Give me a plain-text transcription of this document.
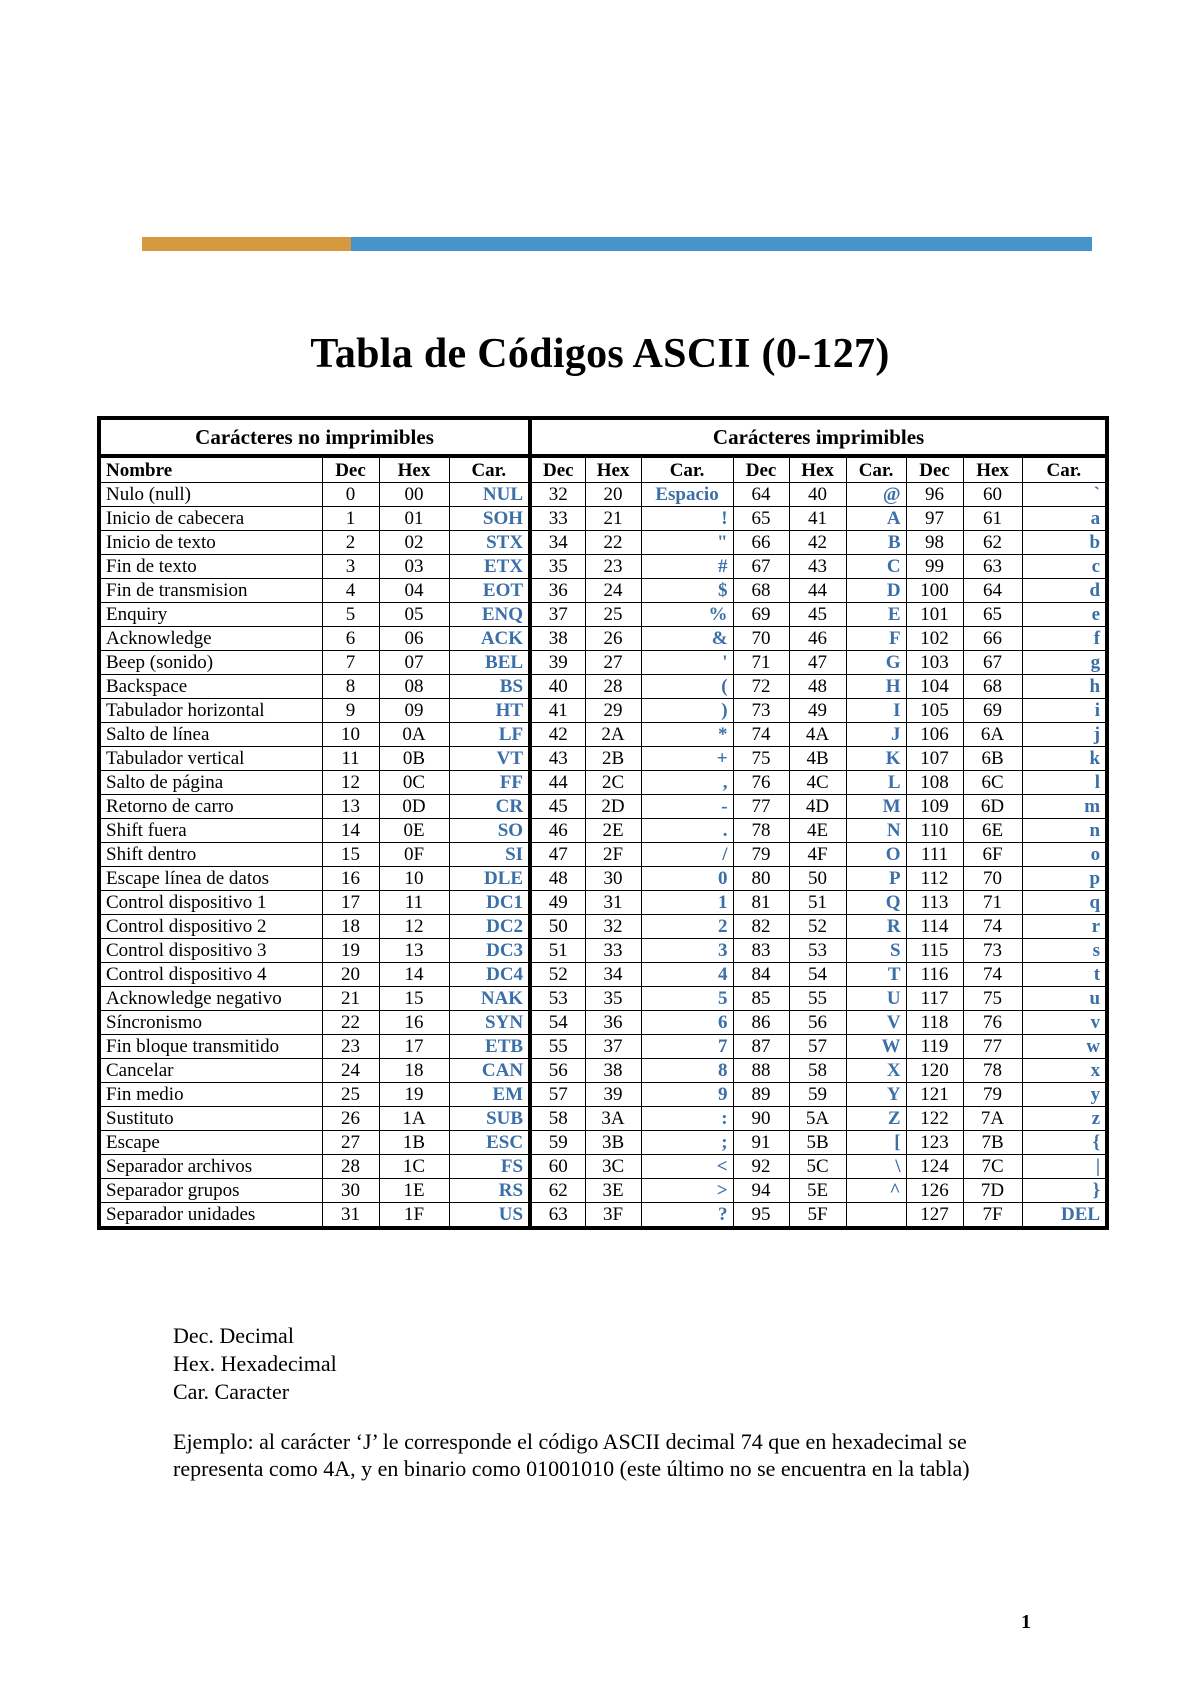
Tabla de Códigos ASCII (0-127)
Carácteres no imprimibles				Carácteres imprimibles								
Nombre	Dec	Hex	Car.	Dec	Hex	Car.	Dec	Hex	Car.	Dec	Hex	Car.
Nulo (null)	0	00	NUL	32	20	Espacio	64	40	@	96	60	`
Inicio de cabecera	1	01	SOH	33	21	!	65	41	A	97	61	a
Inicio de texto	2	02	STX	34	22	"	66	42	B	98	62	b
Fin de texto	3	03	ETX	35	23	#	67	43	C	99	63	c
Fin de transmision	4	04	EOT	36	24	$	68	44	D	100	64	d
Enquiry	5	05	ENQ	37	25	%	69	45	E	101	65	e
Acknowledge	6	06	ACK	38	26	&	70	46	F	102	66	f
Beep (sonido)	7	07	BEL	39	27	'	71	47	G	103	67	g
Backspace	8	08	BS	40	28	(	72	48	H	104	68	h
Tabulador horizontal	9	09	HT	41	29	)	73	49	I	105	69	i
Salto de línea	10	0A	LF	42	2A	*	74	4A	J	106	6A	j
Tabulador vertical	11	0B	VT	43	2B	+	75	4B	K	107	6B	k
Salto de página	12	0C	FF	44	2C	,	76	4C	L	108	6C	l
Retorno de carro	13	0D	CR	45	2D	-	77	4D	M	109	6D	m
Shift fuera	14	0E	SO	46	2E	.	78	4E	N	110	6E	n
Shift dentro	15	0F	SI	47	2F	/	79	4F	O	111	6F	o
Escape línea de datos	16	10	DLE	48	30	0	80	50	P	112	70	p
Control dispositivo 1	17	11	DC1	49	31	1	81	51	Q	113	71	q
Control dispositivo 2	18	12	DC2	50	32	2	82	52	R	114	74	r
Control dispositivo 3	19	13	DC3	51	33	3	83	53	S	115	73	s
Control dispositivo 4	20	14	DC4	52	34	4	84	54	T	116	74	t
Acknowledge negativo	21	15	NAK	53	35	5	85	55	U	117	75	u
Síncronismo	22	16	SYN	54	36	6	86	56	V	118	76	v
Fin bloque transmitido	23	17	ETB	55	37	7	87	57	W	119	77	w
Cancelar	24	18	CAN	56	38	8	88	58	X	120	78	x
Fin medio	25	19	EM	57	39	9	89	59	Y	121	79	y
Sustituto	26	1A	SUB	58	3A	:	90	5A	Z	122	7A	z
Escape	27	1B	ESC	59	3B	;	91	5B	[	123	7B	{
Separador archivos	28	1C	FS	60	3C	<	92	5C	\	124	7C	|
Separador grupos	30	1E	RS	62	3E	>	94	5E	^	126	7D	}
Separador unidades	31	1F	US	63	3F	?	95	5F		127	7F	DEL
Dec. Decimal
Hex. Hexadecimal
Car. Caracter
Ejemplo: al carácter ‘J’ le corresponde el código ASCII decimal 74 que en hexadecimal se representa como 4A, y en binario como 01001010 (este último no se encuentra en la tabla)
1
